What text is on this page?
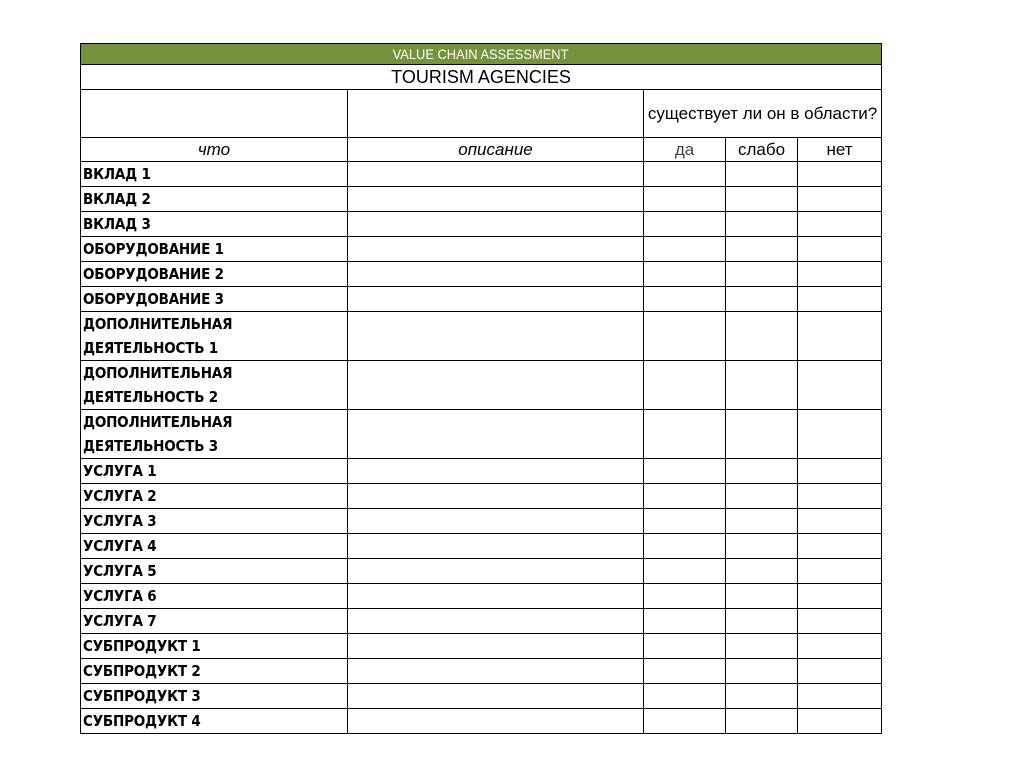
VALUE CHAIN ASSESSMENT				
TOURISM AGENCIES				
		существует ли он в области?		
что	описание	да	слабо	нет
ВКЛАД 1				
ВКЛАД 2				
ВКЛАД 3				
ОБОРУДОВАНИЕ 1				
ОБОРУДОВАНИЕ 2				
ОБОРУДОВАНИЕ 3				
ДОПОЛНИТЕЛЬНАЯ
ДЕЯТЕЛЬНОСТЬ 1				
ДОПОЛНИТЕЛЬНАЯ
ДЕЯТЕЛЬНОСТЬ 2				
ДОПОЛНИТЕЛЬНАЯ
ДЕЯТЕЛЬНОСТЬ 3				
УСЛУГА 1				
УСЛУГА 2				
УСЛУГА 3				
УСЛУГА 4				
УСЛУГА 5				
УСЛУГА 6				
УСЛУГА 7				
СУБПРОДУКТ 1				
СУБПРОДУКТ 2				
СУБПРОДУКТ 3				
СУБПРОДУКТ 4				
